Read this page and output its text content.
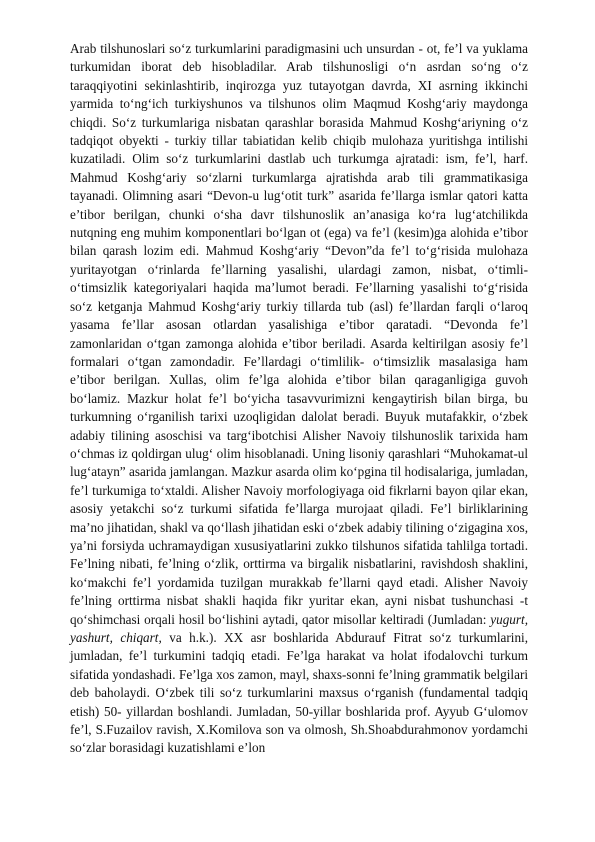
Arab tilshunoslari so‘z turkumlarini paradigmasini uch unsurdan - ot, fe’l va yuklama turkumidan iborat deb hisobladilar. Arab tilshunosligi o‘n asrdan so‘ng o‘z taraqqiyotini sekinlashtirib, inqirozga yuz tutayotgan davrda, XI asrning ikkinchi yarmida to‘ng‘ich turkiyshunos va tilshunos olim Maqmud Koshg‘ariy maydonga chiqdi. So‘z turkumlariga nisbatan qarashlar borasida Mahmud Koshg‘ariyning o‘z tadqiqot obyekti - turkiy tillar tabiatidan kelib chiqib mulohaza yuritishga intilishi kuzatiladi. Olim so‘z turkumlarini dastlab uch turkumga ajratadi: ism, fe’l, harf. Mahmud Koshg‘ariy so‘zlarni turkumlarga ajratishda arab tili grammatikasiga tayanadi. Olimning asari “Devon-u lug‘otit turk” asarida fe’llarga ismlar qatori katta e’tibor berilgan, chunki o‘sha davr tilshunoslik an’anasiga ko‘ra lug‘atchilikda nutqning eng muhim komponentlari bo‘lgan ot (ega) va fe’l (kesim)ga alohida e’tibor bilan qarash lozim edi. Mahmud Koshg‘ariy “Devon”da fe’l to‘g‘risida mulohaza yuritayotgan o‘rinlarda fe’llarning yasalishi, ulardagi zamon, nisbat, o‘timli-o‘timsizlik kategoriyalari haqida ma’lumot beradi. Fe’llarning yasalishi to‘g‘risida so‘z ketganja Mahmud Koshg‘ariy turkiy tillarda tub (asl) fe’llardan farqli o‘laroq yasama fe’llar asosan otlardan yasalishiga e’tibor qaratadi. “Devonda fe’l zamonlaridan o‘tgan zamonga alohida e’tibor beriladi. Asarda keltirilgan asosiy fe’l formalari o‘tgan zamondadir. Fe’llardagi o‘timlilik- o‘timsizlik masalasiga ham e’tibor berilgan. Xullas, olim fe’lga alohida e’tibor bilan qaraganligiga guvoh bo‘lamiz. Mazkur holat fe’l bo‘yicha tasavvurimizni kengaytirish bilan birga, bu turkumning o‘rganilish tarixi uzoqligidan dalolat beradi. Buyuk mutafakkir, o‘zbek adabiy tilining asoschisi va targ‘ibotchisi Alisher Navoiy tilshunoslik tarixida ham o‘chmas iz qoldirgan ulug‘ olim hisoblanadi. Uning lisoniy qarashlari “Muhokamat-ul lug‘atayn” asarida jamlangan. Mazkur asarda olim ko‘pgina til hodisalariga, jumladan, fe’l turkumiga to‘xtaldi. Alisher Navoiy morfologiyaga oid fikrlarni bayon qilar ekan, asosiy yetakchi so‘z turkumi sifatida fe’llarga murojaat qiladi. Fe’l birliklarining ma’no jihatidan, shakl va qo‘llash jihatidan eski o‘zbek adabiy tilining o‘zigagina xos, ya’ni forsiyda uchramaydigan xususiyatlarini zukko tilshunos sifatida tahlilga tortadi. Fe’lning nibati, fe’lning o‘zlik, orttirma va birgalik nisbatlarini, ravishdosh shaklini, ko‘makchi fe’l yordamida tuzilgan murakkab fe’llarni qayd etadi. Alisher Navoiy fe’lning orttirma nisbat shakli haqida fikr yuritar ekan, ayni nisbat tushunchasi -t qo‘shimchasi orqali hosil bo‘lishini aytadi, qator misollar keltiradi (Jumladan: yugurt, yashurt, chiqart, va h.k.). XX asr boshlarida Abdurauf Fitrat so‘z turkumlarini, jumladan, fe’l turkumini tadqiq etadi. Fe’lga harakat va holat ifodalovchi turkum sifatida yondashadi. Fe’lga xos zamon, mayl, shaxs-sonni fe’lning grammatik belgilari deb baholaydi. O‘zbek tili so‘z turkumlarini maxsus o‘rganish (fundamental tadqiq etish) 50- yillardan boshlandi. Jumladan, 50-yillar boshlarida prof. Ayyub G‘ulomov fe’l, S.Fuzailov ravish, X.Komilova son va olmosh, Sh.Shoabdurahmonov yordamchi so‘zlar borasidagi kuzatishlami e’lon
